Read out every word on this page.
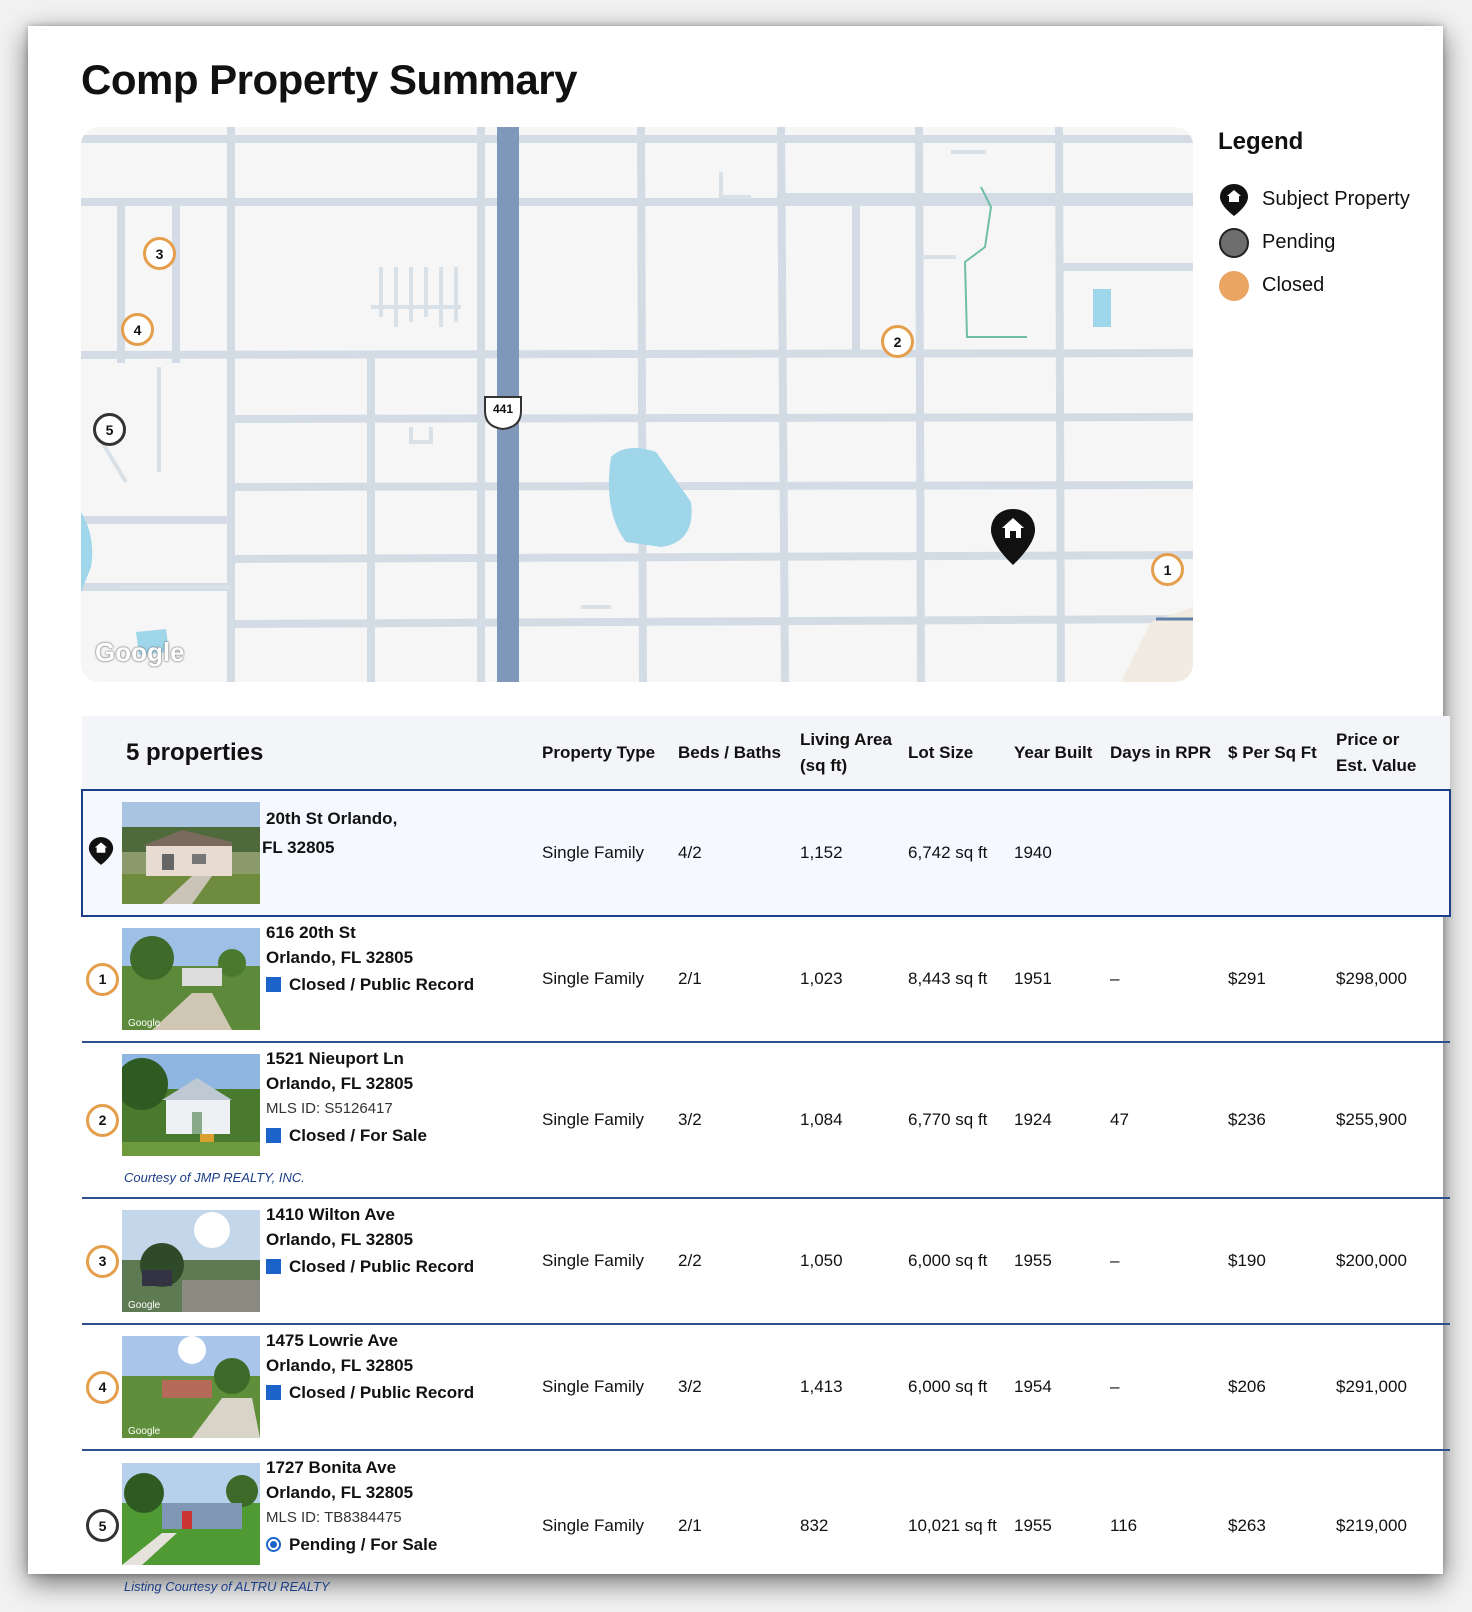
Comp Property Summary
441
Google
1
2
3
4
5
Legend
Subject Property
Pending
Closed
5 properties		Property Type	Beds / Baths	Living Area
(sq ft)	Lot Size	Year Built	Days in RPR	$ Per Sq Ft	Price or
Est. Value

20th St Orlando,
FL 32805	Single Family	4/2	1,152	6,742 sq ft	1940			
1	Google
616 20th St
Orlando, FL 32805
Closed / Public Record	Single Family	2/1	1,023	8,443 sq ft	1951	–	$291	$298,000
2	1521 Nieuport Ln
Orlando, FL 32805
MLS ID: S5126417
Closed / For Sale
Courtesy of JMP REALTY, INC.	Single Family	3/2	1,084	6,770 sq ft	1924	47	$236	$255,900
3	Google
1410 Wilton Ave
Orlando, FL 32805
Closed / Public Record	Single Family	2/2	1,050	6,000 sq ft	1955	–	$190	$200,000
4	Google
1475 Lowrie Ave
Orlando, FL 32805
Closed / Public Record	Single Family	3/2	1,413	6,000 sq ft	1954	–	$206	$291,000
5	1727 Bonita Ave
Orlando, FL 32805
MLS ID: TB8384475
Pending / For Sale
Listing Courtesy of ALTRU REALTY	Single Family	2/1	832	10,021 sq ft	1955	116	$263	$219,000
